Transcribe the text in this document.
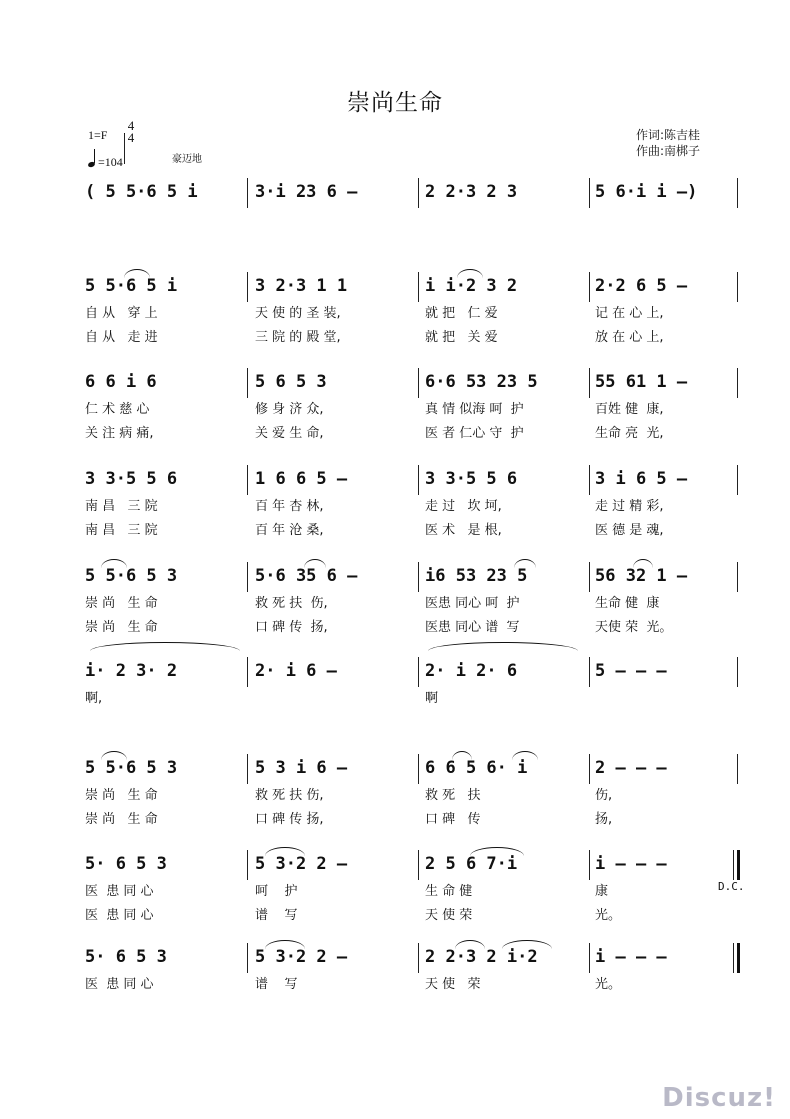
崇尚生命
1=F
4
4
=104	豪迈地
作词:陈吉桂
作曲:南梆子
( 5 5·6 5 i	3·i 23 6 –	2 2·3 2 3	5 6·i i –)
5 5·6 5 i
自 从   穿 上
自 从   走 进
3 2·3 1 1
天 使 的 圣 装,
三 院 的 殿 堂,
i i·2 3 2
就 把   仁 爱
就 把   关 爱
2·2 6 5 –
记 在 心 上,
放 在 心 上,
6 6 i 6
仁 术 慈 心
关 注 病 痛,
5 6 5 3
修 身 济 众,
关 爱 生 命,
6·6 53 23 5
真 情 似海 呵  护
医 者 仁心 守  护
55 61 1 –
百姓 健  康,
生命 亮  光,
3 3·5 5 6
南 昌   三 院
南 昌   三 院
1 6 6 5 –
百 年 杏 林,
百 年 沧 桑,
3 3·5 5 6
走 过   坎 坷,
医 术   是 根,
3 i 6 5 –
走 过 精 彩,
医 德 是 魂,
5 5·6 5 3
崇 尚   生 命
崇 尚   生 命
5·6 35 6 –
救 死 扶  伤,
口 碑 传  扬,
i6 53 23 5
医患 同心 呵  护
医患 同心 谱  写
56 32 1 –
生命 健  康
天使 荣  光。
i· 2 3· 2
啊,
2· i 6 –	2· i 2· 6
啊
5 – – –
5 5·6 5 3
崇 尚   生 命
崇 尚   生 命
5 3 i 6 –
救 死 扶 伤,
口 碑 传 扬,
6 6 5 6· i
救 死   扶
口 碑   传
2 – – –
伤,
扬,
5· 6 5 3
医  患 同 心
医  患 同 心
5 3·2 2 –
呵    护
谱    写
2 5 6 7·i
生 命 健
天 使 荣
i – – –
康
光。
5· 6 5 3
医  患 同 心
5 3·2 2 –
谱    写
2 2·3 2 i·2
天 使   荣
i – – –
光。
D.C.
Discuz!
